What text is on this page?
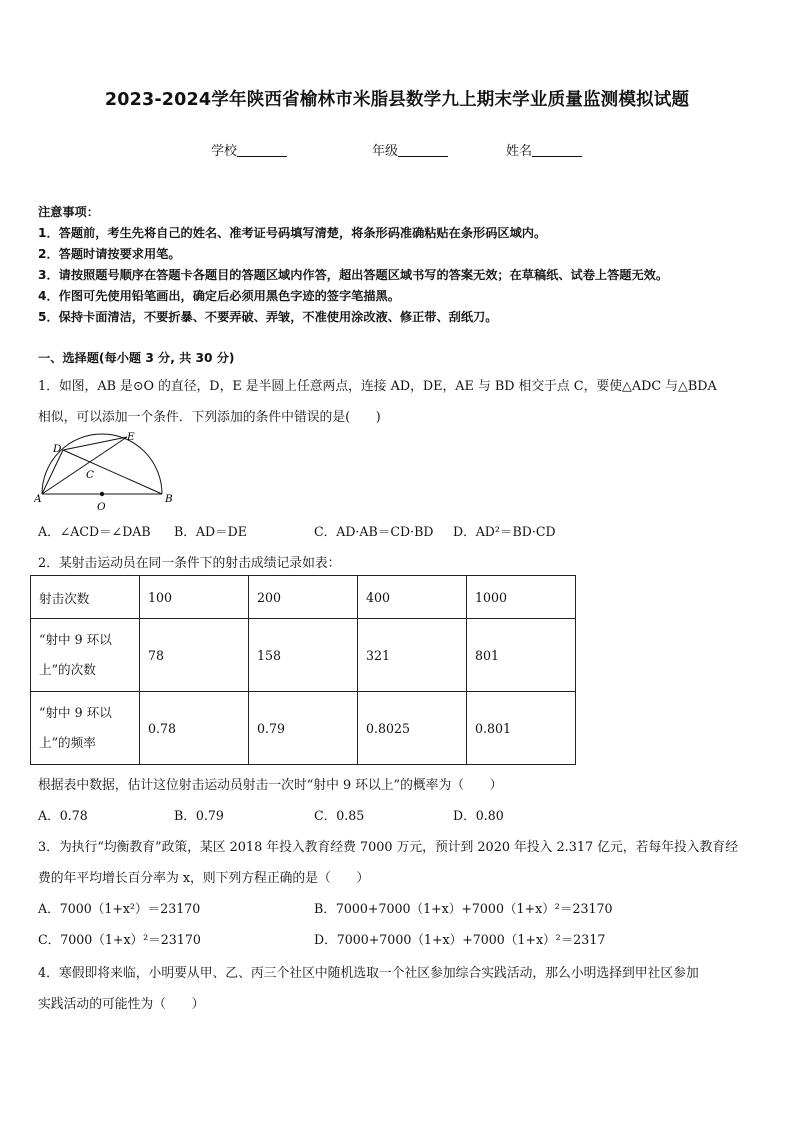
2023-2024学年陕西省榆林市米脂县数学九上期末学业质量监测模拟试题
学校	年级	姓名
注意事项：
1．答题前，考生先将自己的姓名、准考证号码填写清楚，将条形码准确粘贴在条形码区域内。
2．答题时请按要求用笔。
3．请按照题号顺序在答题卡各题目的答题区域内作答，超出答题区域书写的答案无效；在草稿纸、试卷上答题无效。
4．作图可先使用铅笔画出，确定后必须用黑色字迹的签字笔描黑。
5．保持卡面清洁，不要折暴、不要弄破、弄皱，不准使用涂改液、修正带、刮纸刀。
一、选择题(每小题 3 分, 共 30 分)
1．如图，AB 是⊙O 的直径，D，E 是半圆上任意两点，连接 AD，DE，AE 与 BD 相交于点 C，要使△ADC 与△BDA
相似，可以添加一个条件．下列添加的条件中错误的是(　　)
A	B
C
D
E
O
A．∠ACD＝∠DAB B．AD＝DE	C．AD·AB＝CD·BD D．AD²＝BD·CD
2．某射击运动员在同一条件下的射击成绩记录如表：
射击次数	100	200	400	1000

“射中 9 环以
上”的次数	78	158	321	801

“射中 9 环以
上”的频率	0.78	0.79	0.8025	0.801
根据表中数据，估计这位射击运动员射击一次时“射中 9 环以上”的概率为（　　）
A．0.78	B．0.79	C．0.85	D．0.80
3．为执行“均衡教育”政策，某区 2018 年投入教育经费 7000 万元，预计到 2020 年投入 2.317 亿元，若每年投入教育经
费的年平均增长百分率为 x，则下列方程正确的是（　　）
A．7000（1+x²）＝23170	B．7000+7000（1+x）+7000（1+x）²＝23170
C．7000（1+x）²＝23170	D．7000+7000（1+x）+7000（1+x）²＝2317
4．寒假即将来临，小明要从甲、乙、丙三个社区中随机选取一个社区参加综合实践活动，那么小明选择到甲社区参加
实践活动的可能性为（　　）
